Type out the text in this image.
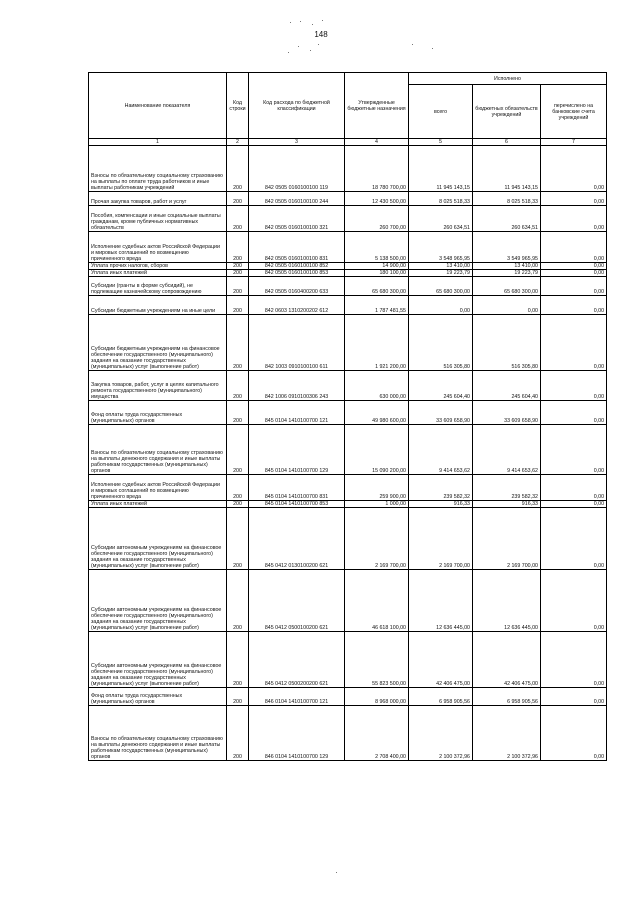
148
Наименование показателя	Код строки	Код расхода по бюджетной классификации	Утвержденные бюджетные назначения	Исполнено		
				всего	бюджетных обязательств учреждений	перечислено на банковские счета учреждений
1	2	3	4	5	6	7
Взносы по обязательному социальному страхованию на выплаты по оплате труда работников и иные выплаты работникам учреждений	200	842 0505 0160100100 119	18 780 700,00	11 945 143,15	11 945 143,15	0,00
Прочая закупка товаров, работ и услуг	200	842 0505 0160100100 244	12 430 500,00	8 025 518,33	8 025 518,33	0,00
Пособия, компенсации и иные социальные выплаты гражданам, кроме публичных нормативных обязательств	200	842 0505 0160100100 321	260 700,00	260 634,51	260 634,51	0,00
Исполнение судебных актов Российской Федерации и мировых соглашений по возмещению причиненного вреда	200	842 0505 0160100100 831	5 138 500,00	3 548 965,95	3 549 965,95	0,00
Уплата прочих налогов, сборов	200	842 0505 0160100100 852	14 900,00	13 410,00	13 410,00	0,00
Уплата иных платежей	200	842 0505 0160100100 853	180 100,00	19 223,79	19 223,79	0,00
Субсидии (гранты в форме субсидий), не подлежащие казначейскому сопровождению	200	842 0505 0160400200 633	65 680 300,00	65 680 300,00	65 680 300,00	0,00
Субсидии бюджетным учреждениям на иные цели	200	842 0603 1310200202 612	1 787 481,55	0,00	0,00	0,00
Субсидии бюджетным учреждениям на финансовое обеспечение государственного (муниципального) задания на оказание государственных (муниципальных) услуг (выполнение работ)	200	842 1003 0910100100 611	1 921 200,00	516 305,80	516 305,80	0,00
Закупка товаров, работ, услуг в целях капитального ремонта государственного (муниципального) имущества	200	842 1006 0910100306 243	630 000,00	245 604,40	245 604,40	0,00
Фонд оплаты труда государственных (муниципальных) органов	200	845 0104 1410100700 121	49 980 600,00	33 609 658,90	33 609 658,90	0,00
Взносы по обязательному социальному страхованию на выплаты денежного содержания и иные выплаты работникам государственных (муниципальных) органов	200	845 0104 1410100700 129	15 090 200,00	9 414 653,62	9 414 653,62	0,00
Исполнение судебных актов Российской Федерации и мировых соглашений по возмещению причиненного вреда	200	845 0104 1410100700 831	259 900,00	239 582,32	239 582,32	0,00
Уплата иных платежей	200	845 0104 1410100700 853	1 000,00	916,33	916,33	0,00
Субсидии автономным учреждениям на финансовое обеспечение государственного (муниципального) задания на оказание государственных (муниципальных) услуг (выполнение работ)	200	845 0412 0130100200 621	2 169 700,00	2 169 700,00	2 169 700,00	0,00
Субсидии автономным учреждениям на финансовое обеспечение государственного (муниципального) задания на оказание государственных (муниципальных) услуг (выполнение работ)	200	845 0412 0500100200 621	46 618 100,00	12 636 445,00	12 636 445,00	0,00
Субсидии автономным учреждениям на финансовое обеспечение государственного (муниципального) задания на оказание государственных (муниципальных) услуг (выполнение работ)	200	845 0412 0500200200 621	55 823 500,00	42 406 475,00	42 406 475,00	0,00
Фонд оплаты труда государственных (муниципальных) органов	200	846 0104 1410100700 121	8 968 000,00	6 958 905,56	6 958 905,56	0,00
Взносы по обязательному социальному страхованию на выплаты денежного содержания и иные выплаты работникам государственных (муниципальных) органов	200	846 0104 1410100700 129	2 708 400,00	2 100 372,96	2 100 372,96	0,00
